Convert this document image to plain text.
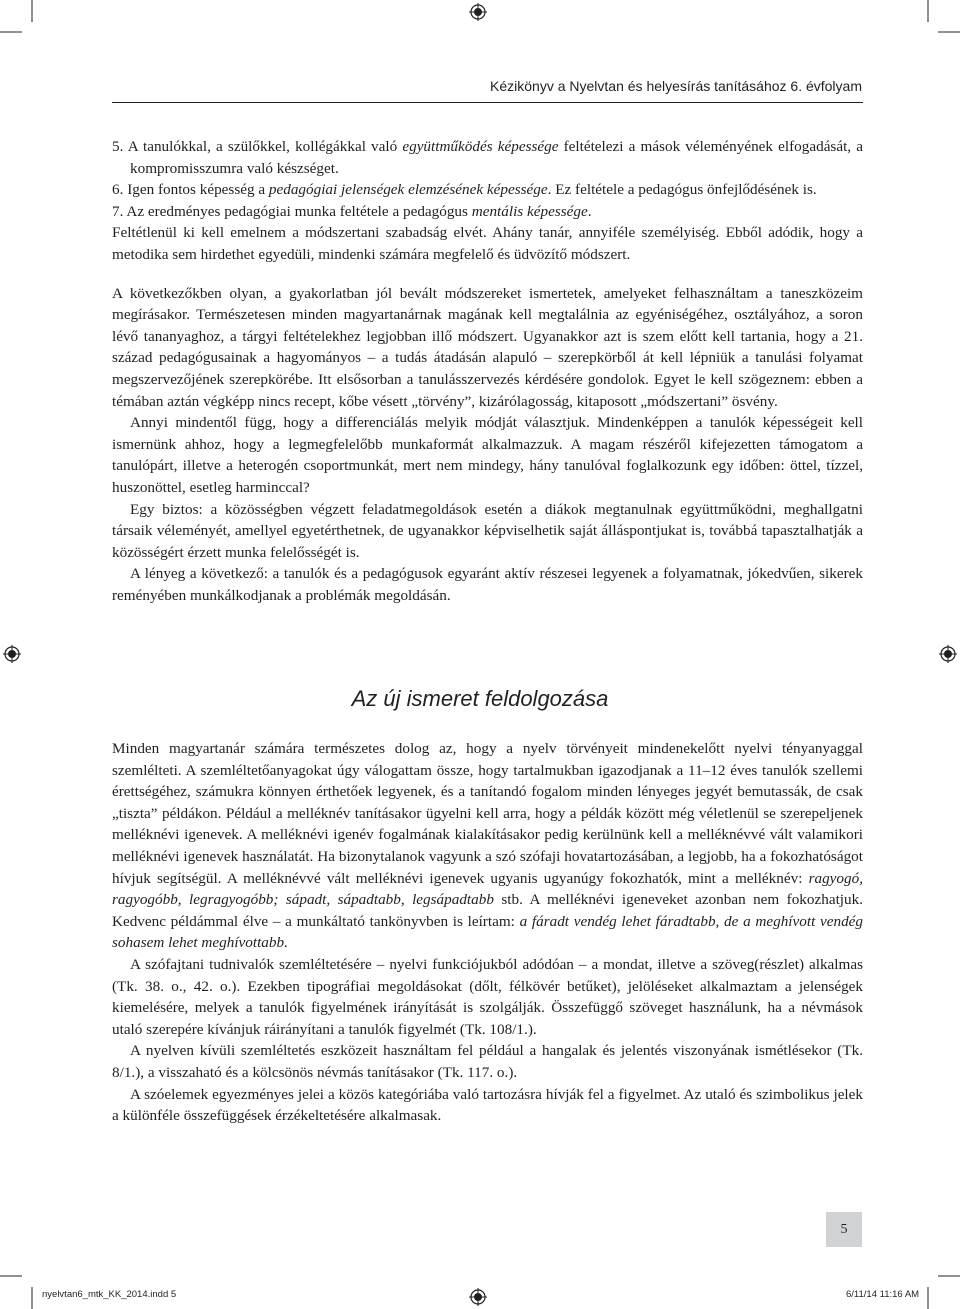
Kézikönyv a Nyelvtan és helyesírás tanításához 6. évfolyam

5. A tanulókkal, a szülőkkel, kollégákkal való együttműködés képessége feltételezi a mások véleményének elfogadását, a kompromisszumra való készséget.

6. Igen fontos képesség a pedagógiai jelenségek elemzésének képessége. Ez feltétele a pedagógus önfejlődésének is.

7. Az eredményes pedagógiai munka feltétele a pedagógus mentális képessége.

Feltétlenül ki kell emelnem a módszertani szabadság elvét. Ahány tanár, annyiféle személyiség. Ebből adódik, hogy a metodika sem hirdethet egyedüli, mindenki számára megfelelő és üdvözítő módszert.

A következőkben olyan, a gyakorlatban jól bevált módszereket ismertetek, amelyeket felhasználtam a taneszközeim megírásakor. Természetesen minden magyartanárnak magának kell megtalálnia az egyéniségéhez, osztályához, a soron lévő tananyaghoz, a tárgyi feltételekhez legjobban illő módszert. Ugyanakkor azt is szem előtt kell tartania, hogy a 21. század pedagógusainak a hagyományos – a tudás átadásán alapuló – szerepkörből át kell lépniük a tanulási folyamat megszervezőjének szerepkörébe. Itt elsősorban a tanulásszervezés kérdésére gondolok. Egyet le kell szögeznem: ebben a témában aztán végképp nincs recept, kőbe vésett „törvény”, kizárólagosság, kitaposott „módszertani” ösvény.

Annyi mindentől függ, hogy a differenciálás melyik módját választjuk. Mindenképpen a tanulók képességeit kell ismernünk ahhoz, hogy a legmegfelelőbb munkaformát alkalmazzuk. A magam részéről kifejezetten támogatom a tanulópárt, illetve a heterogén csoportmunkát, mert nem mindegy, hány tanulóval foglalkozunk egy időben: öttel, tízzel, huszonöttel, esetleg harminccal?

Egy biztos: a közösségben végzett feladatmegoldások esetén a diákok megtanulnak együttműködni, meghallgatni társaik véleményét, amellyel egyetérthetnek, de ugyanakkor képviselhetik saját álláspontjukat is, továbbá tapasztalhatják a közösségért érzett munka felelősségét is.

A lényeg a következő: a tanulók és a pedagógusok egyaránt aktív részesei legyenek a folyamatnak, jókedvűen, sikerek reményében munkálkodjanak a problémák megoldásán.

Az új ismeret feldolgozása

Minden magyartanár számára természetes dolog az, hogy a nyelv törvényeit mindenekelőtt nyelvi tényanyaggal szemlélteti. A szemléltetőanyagokat úgy válogattam össze, hogy tartalmukban igazodjanak a 11–12 éves tanulók szellemi érettségéhez, számukra könnyen érthetőek legyenek, és a tanítandó fogalom minden lényeges jegyét bemutassák, de csak „tiszta” példákon. Például a melléknév tanításakor ügyelni kell arra, hogy a példák között még véletlenül se szerepeljenek melléknévi igenevek. A melléknévi igenév fogalmának kialakításakor pedig kerülnünk kell a melléknévvé vált valamikori melléknévi igenevek használatát. Ha bizonytalanok vagyunk a szó szófaji hovatartozásában, a legjobb, ha a fokozhatóságot hívjuk segítségül. A melléknévvé vált melléknévi igenevek ugyanis ugyanúgy fokozhatók, mint a melléknév: ragyogó, ragyogóbb, legragyogóbb; sápadt, sápadtabb, legsápadtabb stb. A melléknévi igeneveket azonban nem fokozhatjuk. Kedvenc példámmal élve – a munkáltató tankönyvben is leírtam: a fáradt vendég lehet fáradtabb, de a meghívott vendég sohasem lehet meghívottabb.

A szófajtani tudnivalók szemléltetésére – nyelvi funkciójukból adódóan – a mondat, illetve a szöveg(részlet) alkalmas (Tk. 38. o., 42. o.). Ezekben tipográfiai megoldásokat (dőlt, félkövér betűket), jelöléseket alkalmaztam a jelenségek kiemelésére, melyek a tanulók figyelmének irányítását is szolgálják. Összefüggő szöveget használunk, ha a névmások utaló szerepére kívánjuk ráirányítani a tanulók figyelmét (Tk. 108/1.).

A nyelven kívüli szemléltetés eszközeit használtam fel például a hangalak és jelentés viszonyának ismétlésekor (Tk. 8/1.), a visszaható és a kölcsönös névmás tanításakor (Tk. 117. o.).

A szóelemek egyezményes jelei a közös kategóriába való tartozásra hívják fel a figyelmet. Az utaló és szimbolikus jelek a különféle összefüggések érzékeltetésére alkalmasak.

5
nyelvtan6_mtk_KK_2014.indd 5	6/11/14 11:16 AM
